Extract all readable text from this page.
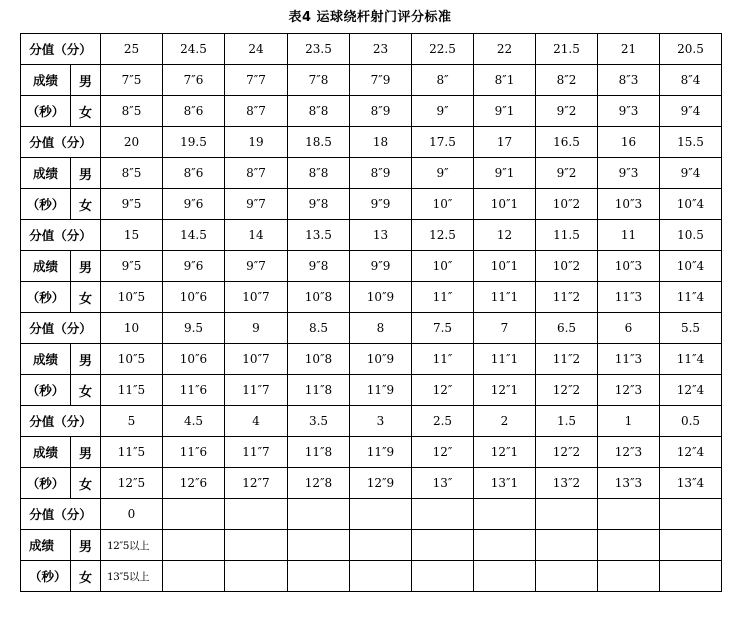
表4 运球绕杆射门评分标准
分值（分）		25	24.5	24	23.5	23	22.5	22	21.5	21	20.5
成绩	男	7″5	7″6	7″7	7″8	7″9	8″	8″1	8″2	8″3	8″4
（秒）	女	8″5	8″6	8″7	8″8	8″9	9″	9″1	9″2	9″3	9″4
分值（分）		20	19.5	19	18.5	18	17.5	17	16.5	16	15.5
成绩	男	8″5	8″6	8″7	8″8	8″9	9″	9″1	9″2	9″3	9″4
（秒）	女	9″5	9″6	9″7	9″8	9″9	10″	10″1	10″2	10″3	10″4
分值（分）		15	14.5	14	13.5	13	12.5	12	11.5	11	10.5
成绩	男	9″5	9″6	9″7	9″8	9″9	10″	10″1	10″2	10″3	10″4
（秒）	女	10″5	10″6	10″7	10″8	10″9	11″	11″1	11″2	11″3	11″4
分值（分）		10	9.5	9	8.5	8	7.5	7	6.5	6	5.5
成绩	男	10″5	10″6	10″7	10″8	10″9	11″	11″1	11″2	11″3	11″4
（秒）	女	11″5	11″6	11″7	11″8	11″9	12″	12″1	12″2	12″3	12″4
分值（分）		5	4.5	4	3.5	3	2.5	2	1.5	1	0.5
成绩	男	11″5	11″6	11″7	11″8	11″9	12″	12″1	12″2	12″3	12″4
（秒）	女	12″5	12″6	12″7	12″8	12″9	13″	13″1	13″2	13″3	13″4
分值（分）		0									
成绩	男	12″5以上									
（秒）	女	13″5以上									
